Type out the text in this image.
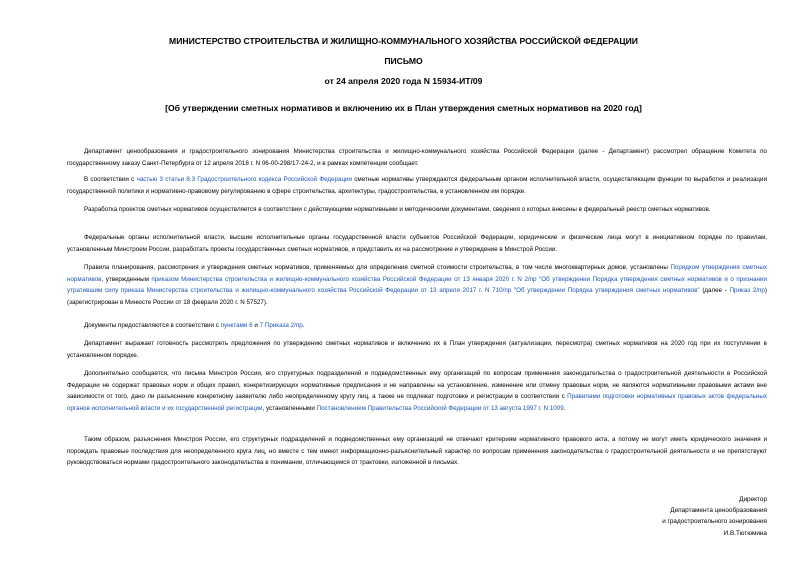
МИНИСТЕРСТВО СТРОИТЕЛЬСТВА И ЖИЛИЩНО-КОММУНАЛЬНОГО ХОЗЯЙСТВА РОССИЙСКОЙ ФЕДЕРАЦИИ
ПИСЬМО
от 24 апреля 2020 года N 15934-ИТ/09
[Об утверждении сметных нормативов и включению их в План утверждения сметных нормативов на 2020 год]
Департамент ценообразования и градостроительного зонирования Министерства строительства и жилищно-коммунального хозяйства Российской Федерации (далее - Департамент) рассмотрел обращение Комитета по государственному заказу Санкт-Петербурга от 12 апреля 2018 г. N 06-00-298/17-24-2, и в рамках компетенции сообщает.
В соответствии с частью 3 статьи 8.3 Градостроительного кодекса Российской Федерации сметные нормативы утверждаются федеральным органом исполнительной власти, осуществляющим функции по выработке и реализации государственной политики и нормативно-правовому регулированию в сфере строительства, архитектуры, градостроительства, в установленном им порядке.
Разработка проектов сметных нормативов осуществляется в соответствии с действующими нормативными и методическими документами, сведения о которых внесены в федеральный реестр сметных нормативов.
Федеральные органы исполнительной власти, высшие исполнительные органы государственной власти субъектов Российской Федерации, юридические и физические лица могут в инициативном порядке по правилам, установленным Минстроем России, разработать проекты государственных сметных нормативов, и представить их на рассмотрение и утверждение в Минстрой России.
Правила планирования, рассмотрения и утверждения сметных нормативов, применяемых для определения сметной стоимости строительства, в том числе многоквартирных домов, установлены Порядком утверждения сметных нормативов, утвержденным приказом Министерства строительства и жилищно-коммунального хозяйства Российской Федерации от 13 января 2020 г. N 2/пр "Об утверждении Порядка утверждения сметных нормативов и о признании утратившим силу приказа Министерства строительства и жилищно-коммунального хозяйства Российской Федерации от 13 апреля 2017 г. N 710/пр "Об утверждении Порядка утверждения сметных нормативов" (далее - Приказ 2/пр) (зарегистрирован в Минюсте России от 18 февраля 2020 г. N 57527).
Документы предоставляются в соответствии с пунктами 6 и 7 Приказа 2/пр.
Департамент выражает готовность рассмотреть предложения по утверждению сметных нормативов и включению их в План утверждения (актуализации, пересмотра) сметных нормативов на 2020 год при их поступлении в установленном порядке.
Дополнительно сообщается, что письма Минстроя России, его структурных подразделений и подведомственных ему организаций по вопросам применения законодательства о градостроительной деятельности в Российской Федерации не содержат правовых норм и общих правил, конкретизирующих нормативные предписания и не направлены на установление, изменение или отмену правовых норм, не являются нормативными правовыми актами вне зависимости от того, дано ли разъяснение конкретному заявителю либо неопределенному кругу лиц, а также не подлежат подготовке и регистрации в соответствии с Правилами подготовки нормативных правовых актов федеральных органов исполнительной власти и их государственной регистрации, установленными Постановлением Правительства Российской Федерации от 13 августа 1997 г. N 1009.
Таким образом, разъяснения Минстроя России, его структурных подразделений и подведомственных ему организаций не отвечают критериям нормативного правового акта, а потому не могут иметь юридического значения и порождать правовые последствия для неопределенного круга лиц, но вместе с тем имеют информационно-разъяснительный характер по вопросам применения законодательства о градостроительной деятельности и не препятствуют руководствоваться нормами градостроительного законодательства в понимании, отличающемся от трактовки, изложенной в письмах.
Директор
Департамента ценообразования
и градостроительного зонирования
И.В.Тютюмина
